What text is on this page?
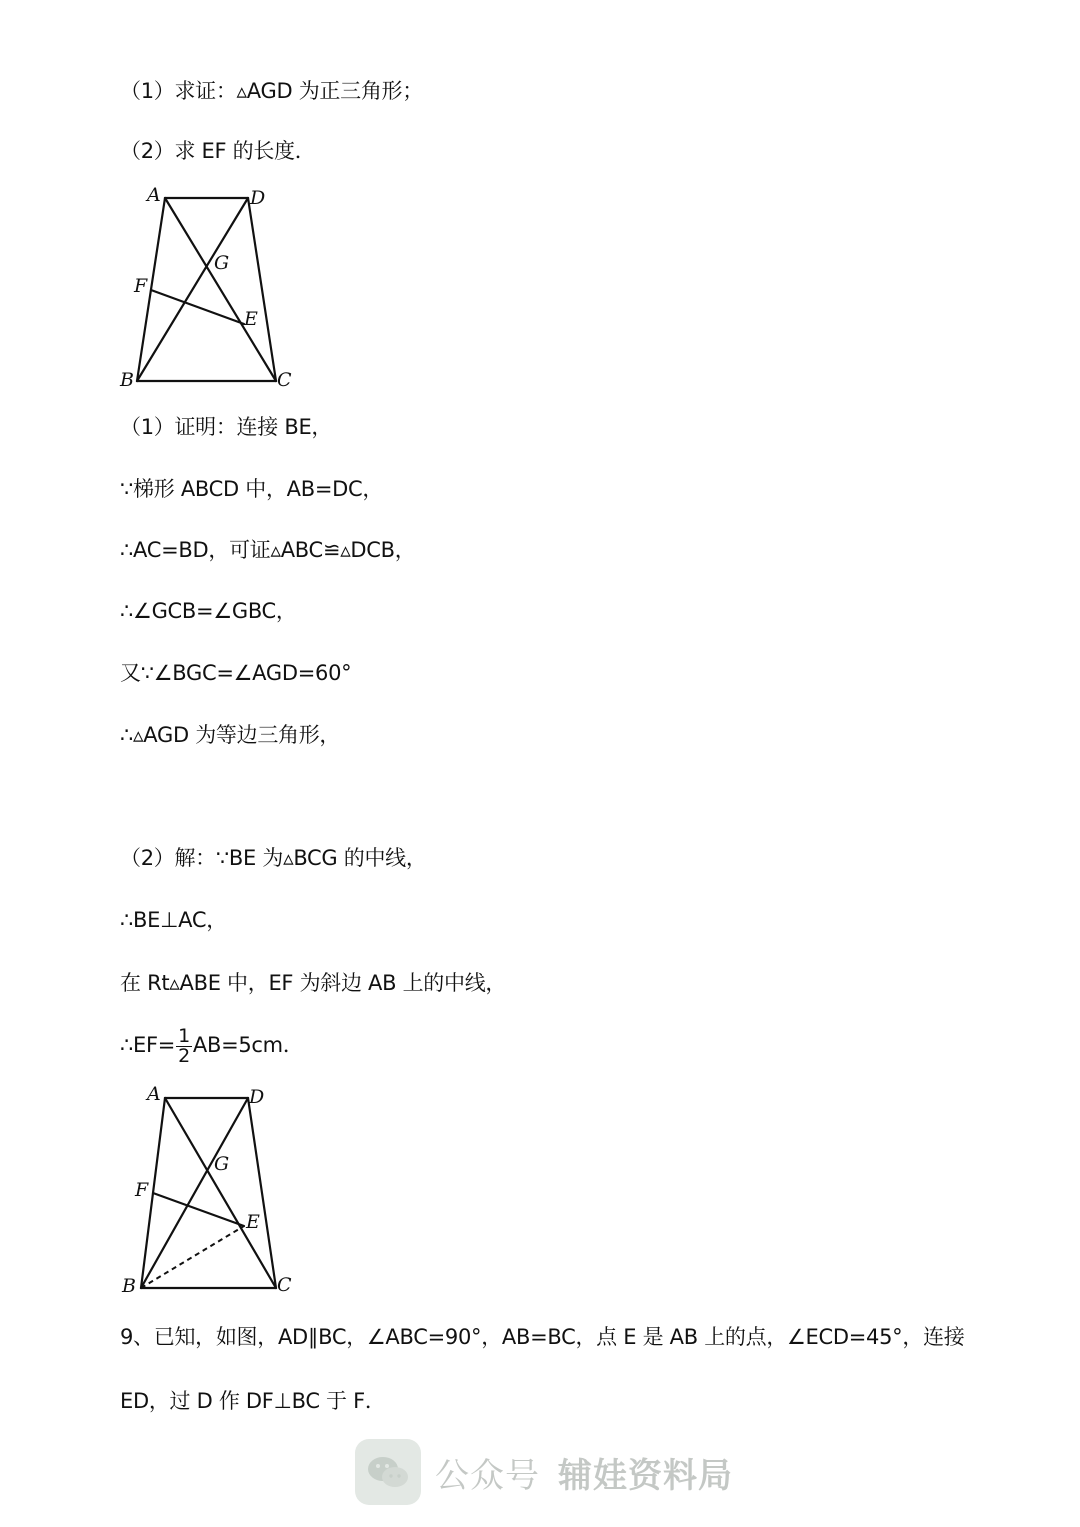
（1）求证：▵AGD 为正三角形；
（2）求 EF 的长度．
A	D
G
F
E
B	C
（1）证明：连接 BE，
∵梯形 ABCD 中，AB=DC，
∴AC=BD，可证▵ABC≌▵DCB，
∴∠GCB=∠GBC，
又∵∠BGC=∠AGD=60°
∴▵AGD 为等边三角形，
（2）解：∵BE 为▵BCG 的中线，
∴BE⊥AC，
在 Rt▵ABE 中，EF 为斜边 AB 上的中线，
∴EF= $\frac{1}{2} AB=5cm$．
A	D
G
F
E
B	C
9、已知，如图，AD∥BC，∠ABC=90°，AB=BC，点 E 是 AB 上的点，∠ECD=45°，连接
ED，过 D 作 DF⊥BC 于 F．
公众号 辅娃资料局
